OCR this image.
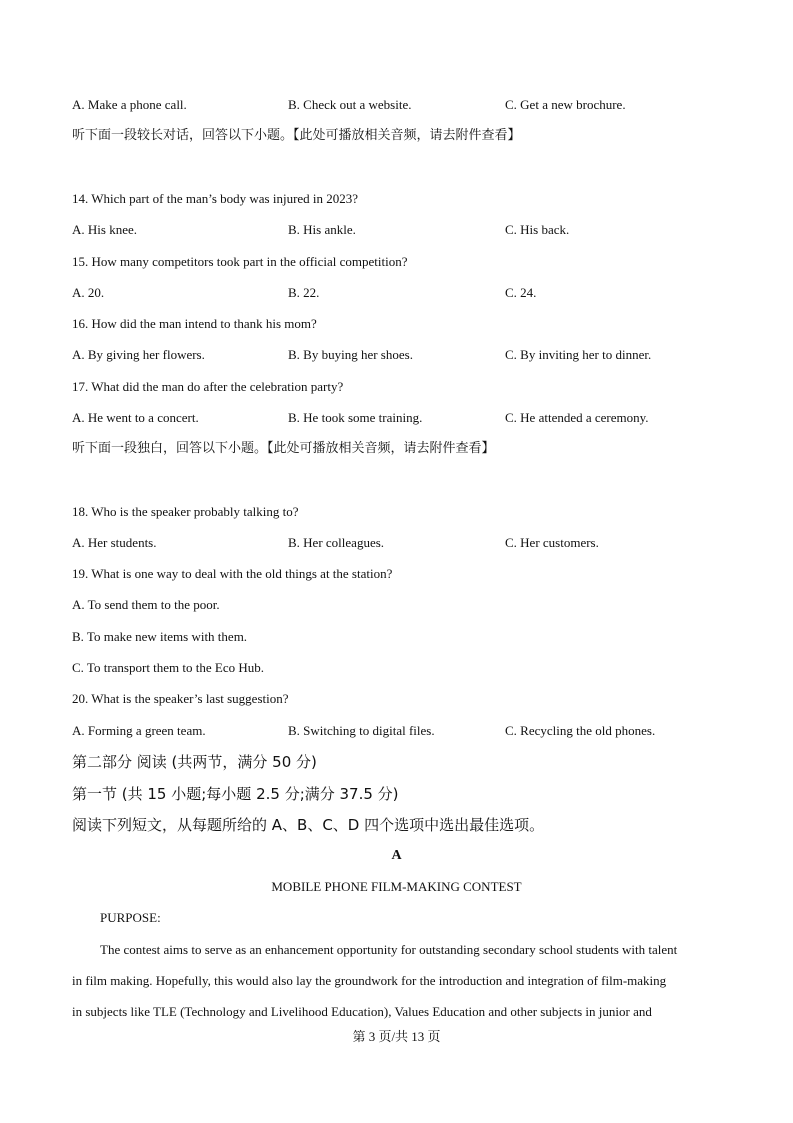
A. Make a phone call.	B. Check out a website.	C. Get a new brochure.
听下面一段较长对话，回答以下小题。【此处可播放相关音频，请去附件查看】
14. Which part of the man’s body was injured in 2023?
A. His knee.	B. His ankle.	C. His back.
15. How many competitors took part in the official competition?
A. 20.	B. 22.	C. 24.
16. How did the man intend to thank his mom?
A. By giving her flowers.	B. By buying her shoes.	C. By inviting her to dinner.
17. What did the man do after the celebration party?
A. He went to a concert.	B. He took some training.	C. He attended a ceremony.
听下面一段独白，回答以下小题。【此处可播放相关音频，请去附件查看】
18. Who is the speaker probably talking to?
A. Her students.	B. Her colleagues.	C. Her customers.
19. What is one way to deal with the old things at the station?
A. To send them to the poor.
B. To make new items with them.
C. To transport them to the Eco Hub.
20. What is the speaker’s last suggestion?
A. Forming a green team.	B. Switching to digital files.	C. Recycling the old phones.
第二部分 阅读 (共两节，满分 50 分)
第一节 (共 15 小题;每小题 2.5 分;满分 37.5 分)
阅读下列短文，从每题所给的 A、B、C、D 四个选项中选出最佳选项。
A
MOBILE PHONE FILM-MAKING CONTEST
PURPOSE:
The contest aims to serve as an enhancement opportunity for outstanding secondary school students with talent
in film making. Hopefully, this would also lay the groundwork for the introduction and integration of film-making
in subjects like TLE (Technology and Livelihood Education), Values Education and other subjects in junior and
第 3 页/共 13 页
